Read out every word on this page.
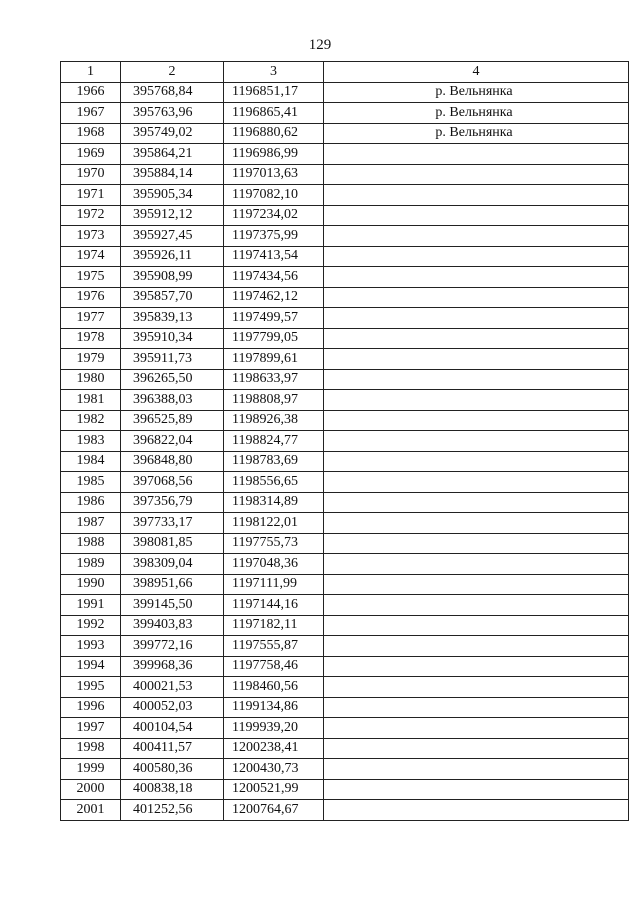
129
1	2	3	4
1966	395768,84	1196851,17	р. Вельнянка
1967	395763,96	1196865,41	р. Вельнянка
1968	395749,02	1196880,62	р. Вельнянка
1969	395864,21	1196986,99	
1970	395884,14	1197013,63	
1971	395905,34	1197082,10	
1972	395912,12	1197234,02	
1973	395927,45	1197375,99	
1974	395926,11	1197413,54	
1975	395908,99	1197434,56	
1976	395857,70	1197462,12	
1977	395839,13	1197499,57	
1978	395910,34	1197799,05	
1979	395911,73	1197899,61	
1980	396265,50	1198633,97	
1981	396388,03	1198808,97	
1982	396525,89	1198926,38	
1983	396822,04	1198824,77	
1984	396848,80	1198783,69	
1985	397068,56	1198556,65	
1986	397356,79	1198314,89	
1987	397733,17	1198122,01	
1988	398081,85	1197755,73	
1989	398309,04	1197048,36	
1990	398951,66	1197111,99	
1991	399145,50	1197144,16	
1992	399403,83	1197182,11	
1993	399772,16	1197555,87	
1994	399968,36	1197758,46	
1995	400021,53	1198460,56	
1996	400052,03	1199134,86	
1997	400104,54	1199939,20	
1998	400411,57	1200238,41	
1999	400580,36	1200430,73	
2000	400838,18	1200521,99	
2001	401252,56	1200764,67	
